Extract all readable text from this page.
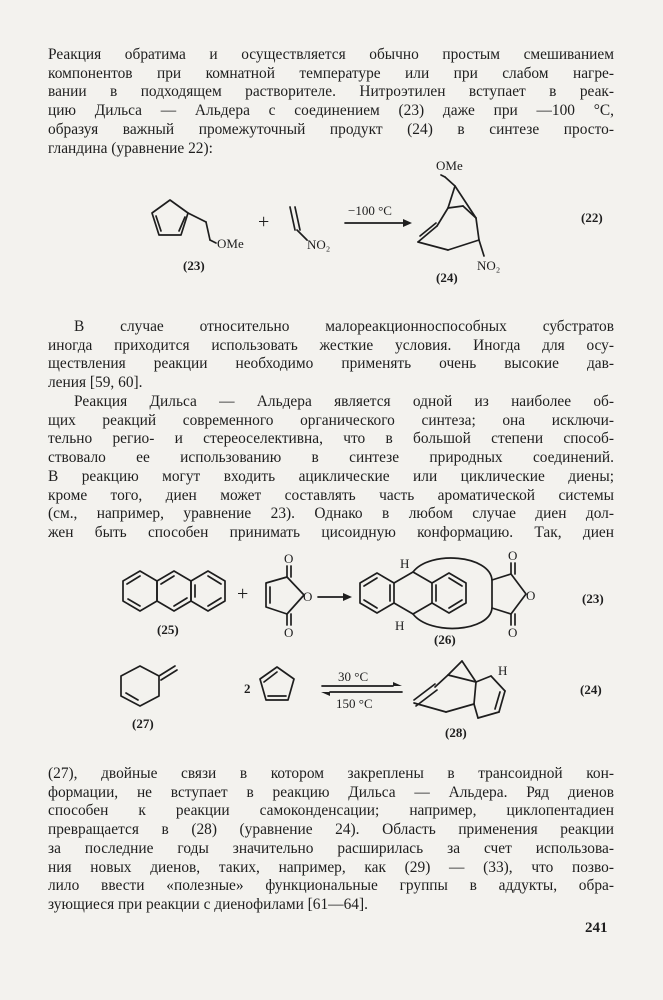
Реакция обратима и осуществляется обычно простым смешиванием
компонентов при комнатной температуре или при слабом нагре-
вании в подходящем растворителе. Нитроэтилен вступает в реак-
цию Дильса — Альдера с соединением (23) даже при —100 °C,
образуя важный промежуточный продукт (24) в синтезе просто-
гландина (уравнение 22):
OMe
(23)
+
NO₂
−100 °C
OMe
NO₂
(24)
(22)
В случае относительно малореакционноспособных субстратов
иногда приходится использовать жесткие условия. Иногда для осу-
ществления реакции необходимо применять очень высокие дав-
ления [59, 60].
Реакция Дильса — Альдера является одной из наиболее об-
щих реакций современного органического синтеза; она исключи-
тельно регио- и стереоселективна, что в большой степени способ-
ствовало ее использованию в синтезе природных соединений.
В реакцию могут входить ациклические или циклические диены;
кроме того, диен может составлять часть ароматической системы
(см., например, уравнение 23). Однако в любом случае диен дол-
жен быть способен принимать цисоидную конформацию. Так, диен
(25)
+
O
O
O
H
H
O
O
O
(26)
(23)
(27)
2
30 °C
150 °C
H
(28)
(24)
(27), двойные связи в котором закреплены в трансоидной кон-
формации, не вступает в реакцию Дильса — Альдера. Ряд диенов
способен к реакции самоконденсации; например, циклопентадиен
превращается в (28) (уравнение 24). Область применения реакции
за последние годы значительно расширилась за счет использова-
ния новых диенов, таких, например, как (29) — (33), что позво-
лило ввести «полезные» функциональные группы в аддукты, обра-
зующиеся при реакции с диенофилами [61—64].
241
